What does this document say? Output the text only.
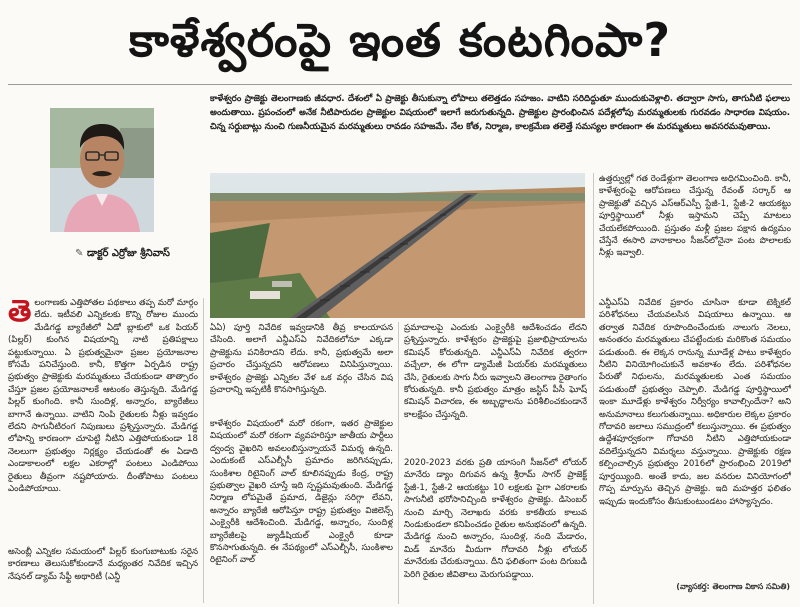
కాళేశ్వరంపై ఇంత కంటగింపా?
✎ డాక్టర్ ఎర్రోజు శ్రీనివాస్
కాళేశ్వరం ప్రాజెక్టు తెలంగాణకు జీవధార. దేశంలో ఏ ప్రాజెక్టు తీసుకున్నా లోపాలు తలెత్తడం సహజం. వాటిని సరిదిద్దుతూ ముందుకువెళ్లాలి. తద్వారా సాగు, తాగునీటి ఫలాలు అందుతాయి. ప్రపంచంలో అనేక నీటిపారుదల ప్రాజెక్టుల విషయంలో ఇలాగే జరుగుతున్నది. ప్రాజెక్టుల ప్రారంభించిన పదేళ్లలోపు మరమ్మతులకు గురవడం సాధారణ విషయం. చిన్న సర్దుబాట్లు నుంచి గుణనీయమైన మరమ్మతులు రావడం సహజమే. నేల కోత, నిర్మాణ, కాలక్రమేణ తలెత్తే సమస్యల కారణంగా ఈ మరమ్మతులు అవసరమవుతాయి.
తెలంగాణకు ఎత్తిపోతల పథకాలు తప్ప మరో మార్గం లేదు. ఇటీవలి ఎన్నికలకు కొన్ని రోజుల ముందు మేడిగడ్డ బ్యారేజీలో ఏడో బ్లాకులో ఒక పియర్ (పిల్లర్) కుంగిన విషయాన్ని నాటి ప్రతిపక్షాలు పట్టుకున్నాయి. ఏ ప్రభుత్వమైనా ప్రజల ప్రయోజనాల కోసమే పనిచేస్తుంది. కానీ, కొత్తగా ఏర్పడిన రాష్ట్ర ప్రభుత్వం ప్రాజెక్టుకు మరమ్మతులు చేయకుండా తాత్సారం చేస్తూ ప్రజల ప్రయోజనాలకే ఆటంకం తెస్తున్నది. మేడిగడ్డ పిల్లర్ కుంగింది. కానీ సుందిళ్ల, అన్నారం, బ్యారేజీలు బాగానే ఉన్నాయి. వాటిని నింపి రైతులకు నీళ్లు ఇవ్వడం లేదని సాగునీటిరంగ నిపుణులు ప్రశ్నిస్తున్నారు. మేడిగడ్డ లోపాన్ని కారణంగా చూపెట్టి నీటిని ఎత్తిపోయకుండా 18 నెలలుగా ప్రభుత్వం నిర్లక్ష్యం చేయడంతో ఈ ఏడాది ఎండాకాలంలో లక్షల ఎకరాల్లో పంటలు ఎండిపోయి రైతులు తీవ్రంగా నష్టపోయారు. దీంతోపాటు పంటలు ఎండిపోయాయి.
అసెంబ్లీ ఎన్నికల సమయంలో పిల్లర్ కుంగుబాటుకు సరైన కారణాలు తెలుసుకోకుండానే మధ్యంతర నివేదిక ఇచ్చిన నేషనల్ డ్యామ్ సేఫ్టీ అథారిటీ (ఎన్డీ
ఏఏ) పూర్తి నివేదిక ఇవ్వడానికి తీవ్ర కాలయాపన చేసింది. అలాగే ఎన్డీఎస్ఏ నివేదికలోనూ ఎక్కడా ప్రాజెక్టును పనికిరాదని లేదు. కానీ, ప్రభుత్వమే అలా ప్రచారం చేస్తున్నదని ఆరోపణలు వినిపిస్తున్నాయి. కాళేశ్వరం ప్రాజెక్టు ఎన్నికల వేళ ఒక వర్గం చేసిన విష ప్రచారాన్ని ఇప్పటికీ కొనసాగిస్తున్నది.
కాళేశ్వరం విషయంలో మరో రకంగా, ఇతర ప్రాజెక్టుల విషయంలో మరో రకంగా వ్యవహరిస్తూ జాతీయ పార్టీలు ద్వంద్వ వైఖరిని అవలంబిస్తున్నాయనే విమర్శ ఉన్నది. ఎందుకంటే ఎస్ఎల్బీసీ ప్రమాదం జరిగినప్పుడు, సుంకిశాల రిటైనింగ్ వాల్ కూలినప్పుడు కేంద్ర, రాష్ట్ర ప్రభుత్వాల వైఖరి చూస్తే ఇది స్పష్టమవుతుంది. మేడిగడ్డ నిర్మాణ లోపమైతే ప్రమాద, డిజైన్లు సరిగ్గా లేవని, అన్నారం బ్యారేజీ ఆరోపిస్తూ రాష్ట్ర ప్రభుత్వం విజిలెన్స్ ఎంక్వైరీకి ఆదేశించింది. మేడిగడ్డ, అన్నారం, సుందిళ్ల బ్యారేజీలపై జ్యుడీషియల్ ఎంక్వైరీ కూడా కొనసాగుతున్నది. ఈ నేపథ్యంలో ఎస్ఎల్బీసీ, సుంకిశాల రిటైనింగ్ వాల్
ప్రమాదాలపై ఎందుకు ఎంక్వైరీకి ఆదేశించడం లేదని ప్రశ్నిస్తున్నారు. కాళేశ్వరం ప్రాజెక్టుపై ప్రజాభిప్రాయాలను కమిషన్ కోరుతున్నది. ఎన్డీఎస్ఏ నివేదిక త్వరగా వచ్చేలా, ఈ లోగా డ్యామేజీ పియర్‌కు మరమ్మతులు చేసి, రైతులకు సాగు నీరు ఇవ్వాలని తెలంగాణ రైతాంగం కోరుతున్నది. కానీ ప్రభుత్వం మాత్రం జస్టిస్ పీసీ ఘోష్ కమిషన్ విచారణ, ఈ అబ్బద్ధాలను పరిశీలించకుండానే కాలక్షేపం చేస్తున్నది.
2020-2023 వరకు ప్రతి యాసంగి సీజన్‌లో లోయర్ మానేరు డ్యాం దిగువన ఉన్న శ్రీరామ్ సాగర్ ప్రాజెక్ట్ స్టేజీ-1, స్టేజీ-2 ఆయకట్టు 10 లక్షలకు పైగా ఎకరాలకు సాగునీటి భరోసానిచ్చింది కాళేశ్వరం ప్రాజెక్టు. డిసెంబర్ నుంచి మార్చి నెలాఖరు వరకు కాకతీయ కాలువ నిండుకుండలా కనిపించడం రైతుల అనుభవంలో ఉన్నది. మేడిగడ్డ నుంచి అన్నారం, సుందిళ్ల, నంది మేడారం, మిడ్ మానేరు మీదుగా గోదావరి నీళ్లు లోయర్ మానేరుకు చేరుకున్నాయి. దీని ఫలితంగా పంట దిగుబడి పెరిగి రైతుల జీవితాలు మెరుగుపడ్డాయి.
ఉత్తర్వుల్లో గత రెండేళ్లుగా తెలంగాణ అధిగమించింది. కానీ, కాళేశ్వరంపై ఆరోపణలు చేస్తున్న రేవంత్ సర్కార్ ఆ ప్రాజెక్టుతో వచ్చిన ఎస్ఆర్ఎస్పీ స్టేజీ-1, స్టేజీ-2 ఆయకట్టు పూర్తిస్థాయిలో నీళ్లు ఇస్తామని చెప్పే మాటలు చేయలేకపోయింది. ప్రస్తుతం మళ్లీ ప్రజల పక్షాన ఉద్యమం చేస్తేనే ఈసారి వానాకాలం సీజన్‌లోనైనా పంట పొలాలకు నీళ్లు ఇవ్వాలి.
ఎన్డీఎస్ఏ నివేదిక ప్రకారం చూసినా కూడా టెక్నికల్ పరిశోధనలు చేయవలసిన విషయాలు ఉన్నాయి. ఆ తర్వాత నివేదిక రూపొందించేందుకు నాలుగు నెలలు, అనంతరం మరమ్మతులు చేపట్టేందుకు మరికొంత సమయం పడుతుంది. ఈ లెక్కన రానున్న మూడేళ్ల పాటు కాళేశ్వరం నీటిని వినియోగించుకునే అవకాశం లేదు. పరిశోధనల పేరుతో నిధులను, మరమ్మతులకు ఎంత సమయం పడుతుందో ప్రభుత్వం చెప్పాలి. మేడిగడ్డ పూర్తిస్థాయిలో ఇంకా మూడేళ్లు కాళేశ్వరం నిర్వీర్యం కావాల్సిందేనా? అని అనుమానాలు కలుగుతున్నాయి. అధికారుల లెక్కల ప్రకారం గోదావరి జలాలు సముద్రంలో కలుస్తున్నాయి. ఈ ప్రభుత్వం ఉద్దేశపూర్వకంగా గోదావరి నీటిని ఎత్తిపోయకుండా వదిలేస్తున్నదని విమర్శలు వస్తున్నాయి. ప్రాజెక్టుకు రక్షణ కల్పించాల్సిన ప్రభుత్వం 2016లో ప్రారంభించి 2019లో పూర్తయ్యింది. అంతే కాదు, జల వనరుల వినియోగంలో గొప్ప మార్పును తెచ్చిన ప్రాజెక్టు. ఇది మహత్తర ఫలితం ఇప్పుడు ఇందుకోసం తీసుకుంటుండటం హాస్యాస్పదం.
(వ్యాసకర్త: తెలంగాణ వికాస సమితి)
